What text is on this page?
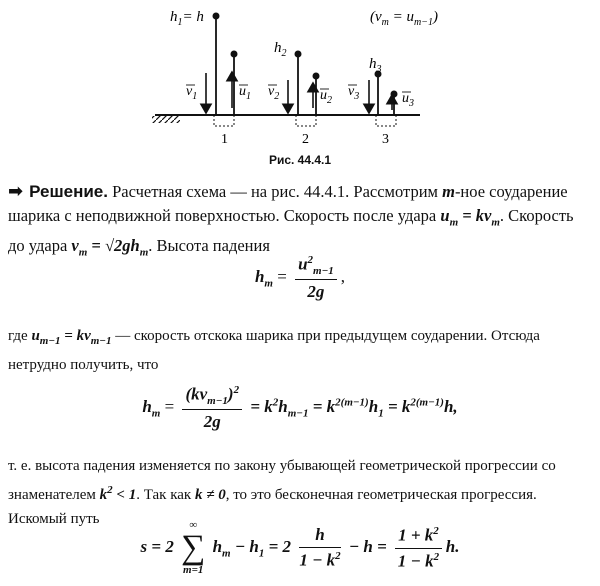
$h_1= h$
$h_2$
$h_3$
$(v_m = u_{m-1})$
$v_1$	$u_1$ $v_2$	$u_2$
$v_3$	$u_3$
1	2	3
Рис. 44.4.1

➡ Решение. Расчетная схема — на рис. 44.4.1. Рассмотрим m-ное соударение шарика с неподвижной поверхностью. Скорость после удара $u_m = kv_m$. Скорость до удара $v_m = √2gh_m$. Высота падения

$h_m = \frac{u^2_{m-1}}{2g}$ ,

где $u_{m-1} = kv_{m-1}$ — скорость отскока шарика при предыдущем соударении. Отсюда нетрудно получить, что

$h_m = \frac{(kv_{m-1})^2}{2g} = k^2h_{m-1} = k^{2(m-1)}h_1 = k^{2(m-1)}h$,

т. е. высота падения изменяется по закону убывающей геометрической прогрессии со знаменателем $k^2 < 1$. Так как k ≠ 0, то это бесконечная геометрическая прогрессия. Искомый путь

s = 2
∞
∑
m=1
$h_m - h_1 = 2 \frac{h}{1 - k^2} - h = \frac{1 + k^2}{1 - k^2} h$.
